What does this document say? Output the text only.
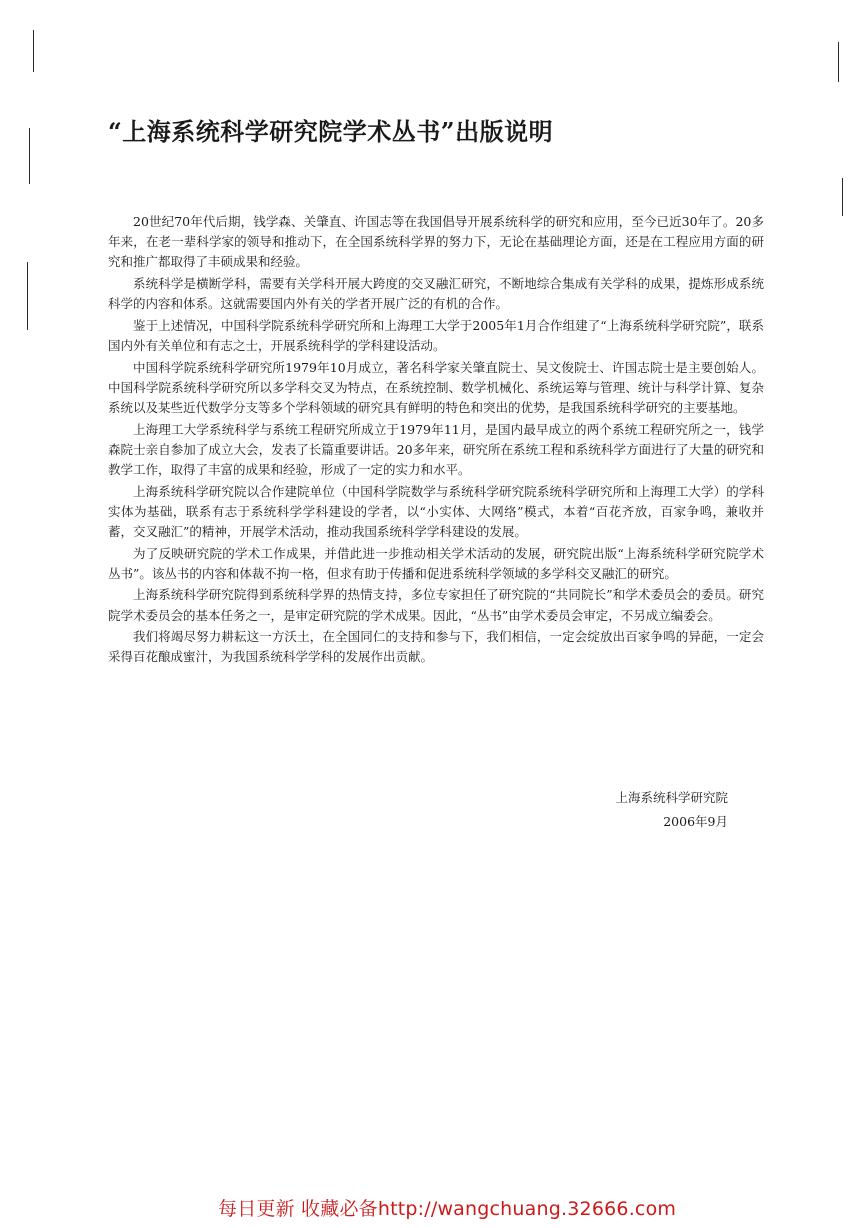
“上海系统科学研究院学术丛书”出版说明

20世纪70年代后期，钱学森、关肇直、许国志等在我国倡导开展系统科学的研究和应用，至今已近30年了。20多年来，在老一辈科学家的领导和推动下，在全国系统科学界的努力下，无论在基础理论方面，还是在工程应用方面的研究和推广都取得了丰硕成果和经验。

系统科学是横断学科，需要有关学科开展大跨度的交叉融汇研究，不断地综合集成有关学科的成果，提炼形成系统科学的内容和体系。这就需要国内外有关的学者开展广泛的有机的合作。

鉴于上述情况，中国科学院系统科学研究所和上海理工大学于2005年1月合作组建了“上海系统科学研究院”，联系国内外有关单位和有志之士，开展系统科学的学科建设活动。

中国科学院系统科学研究所1979年10月成立，著名科学家关肇直院士、吴文俊院士、许国志院士是主要创始人。中国科学院系统科学研究所以多学科交叉为特点，在系统控制、数学机械化、系统运筹与管理、统计与科学计算、复杂系统以及某些近代数学分支等多个学科领域的研究具有鲜明的特色和突出的优势，是我国系统科学研究的主要基地。

上海理工大学系统科学与系统工程研究所成立于1979年11月，是国内最早成立的两个系统工程研究所之一，钱学森院士亲自参加了成立大会，发表了长篇重要讲话。20多年来，研究所在系统工程和系统科学方面进行了大量的研究和教学工作，取得了丰富的成果和经验，形成了一定的实力和水平。

上海系统科学研究院以合作建院单位（中国科学院数学与系统科学研究院系统科学研究所和上海理工大学）的学科实体为基础，联系有志于系统科学学科建设的学者，以“小实体、大网络”模式，本着“百花齐放，百家争鸣，兼收并蓄，交叉融汇”的精神，开展学术活动，推动我国系统科学学科建设的发展。

为了反映研究院的学术工作成果，并借此进一步推动相关学术活动的发展，研究院出版“上海系统科学研究院学术丛书”。该丛书的内容和体裁不拘一格，但求有助于传播和促进系统科学领域的多学科交叉融汇的研究。

上海系统科学研究院得到系统科学界的热情支持，多位专家担任了研究院的“共同院长”和学术委员会的委员。研究院学术委员会的基本任务之一，是审定研究院的学术成果。因此，“丛书”由学术委员会审定，不另成立编委会。

我们将竭尽努力耕耘这一方沃土，在全国同仁的支持和参与下，我们相信，一定会绽放出百家争鸣的异葩，一定会采得百花酿成蜜汁，为我国系统科学学科的发展作出贡献。

上海系统科学研究院
2006年9月
每日更新 收藏必备http://wangchuang.32666.com
